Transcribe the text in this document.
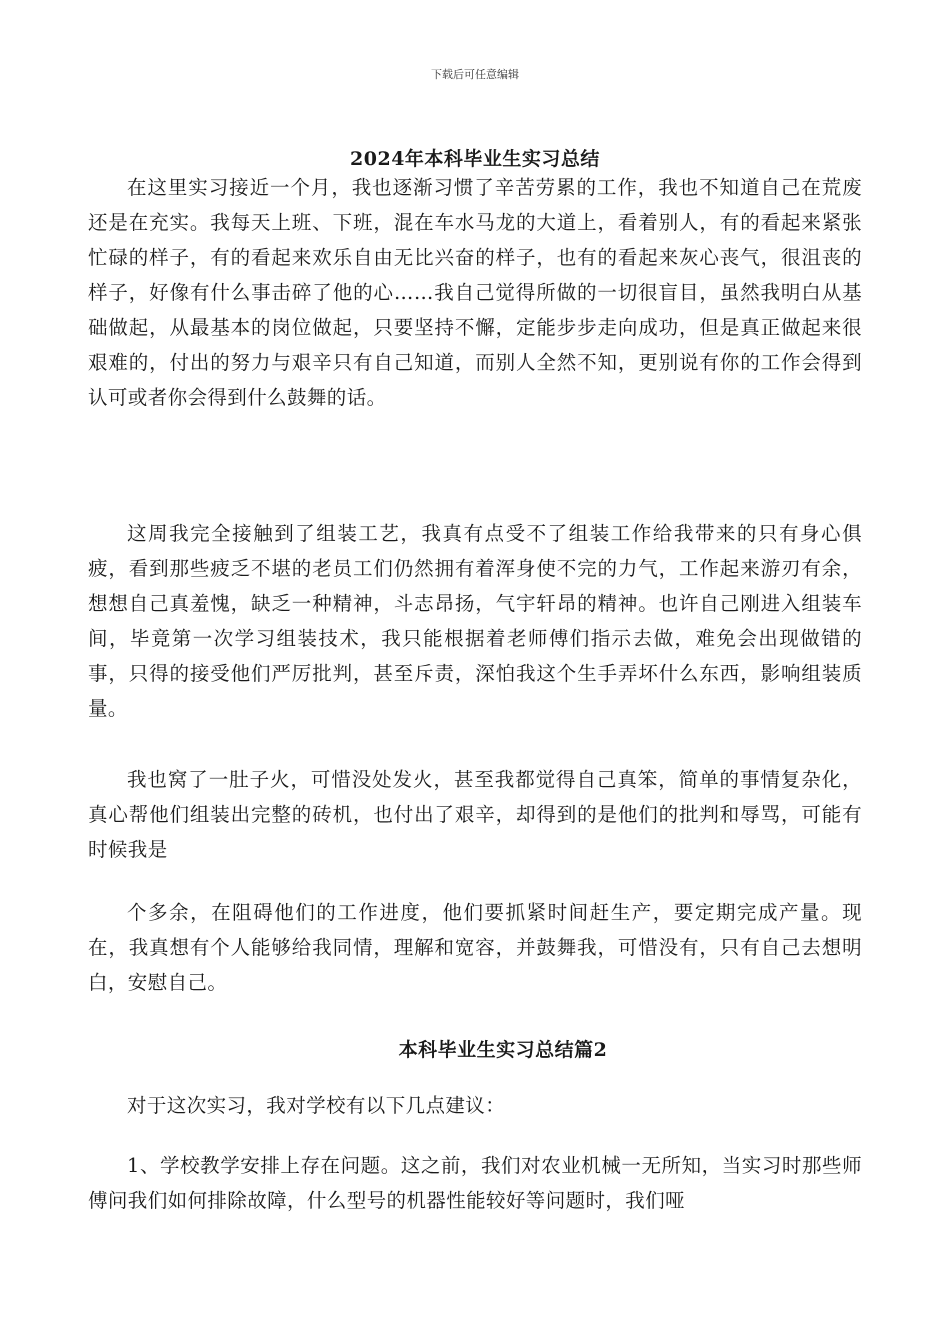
下载后可任意编辑
2024年本科毕业生实习总结
在这里实习接近一个月，我也逐渐习惯了辛苦劳累的工作，我也不知道自己在荒废还是在充实。我每天上班、下班，混在车水马龙的大道上，看着别人，有的看起来紧张忙碌的样子，有的看起来欢乐自由无比兴奋的样子，也有的看起来灰心丧气，很沮丧的样子，好像有什么事击碎了他的心……我自己觉得所做的一切很盲目，虽然我明白从基础做起，从最基本的岗位做起，只要坚持不懈，定能步步走向成功，但是真正做起来很艰难的，付出的努力与艰辛只有自己知道，而别人全然不知，更别说有你的工作会得到认可或者你会得到什么鼓舞的话。
这周我完全接触到了组装工艺，我真有点受不了组装工作给我带来的只有身心俱疲，看到那些疲乏不堪的老员工们仍然拥有着浑身使不完的力气，工作起来游刃有余，想想自己真羞愧，缺乏一种精神，斗志昂扬，气宇轩昂的精神。也许自己刚进入组装车间，毕竟第一次学习组装技术，我只能根据着老师傅们指示去做，难免会出现做错的事，只得的接受他们严厉批判，甚至斥责，深怕我这个生手弄坏什么东西，影响组装质量。
我也窝了一肚子火，可惜没处发火，甚至我都觉得自己真笨，简单的事情复杂化，真心帮他们组装出完整的砖机，也付出了艰辛，却得到的是他们的批判和辱骂，可能有时候我是
个多余，在阻碍他们的工作进度，他们要抓紧时间赶生产，要定期完成产量。现在，我真想有个人能够给我同情，理解和宽容，并鼓舞我，可惜没有，只有自己去想明白，安慰自己。
本科毕业生实习总结篇2
对于这次实习，我对学校有以下几点建议：
1、学校教学安排上存在问题。这之前，我们对农业机械一无所知，当实习时那些师傅问我们如何排除故障，什么型号的机器性能较好等问题时，我们哑
